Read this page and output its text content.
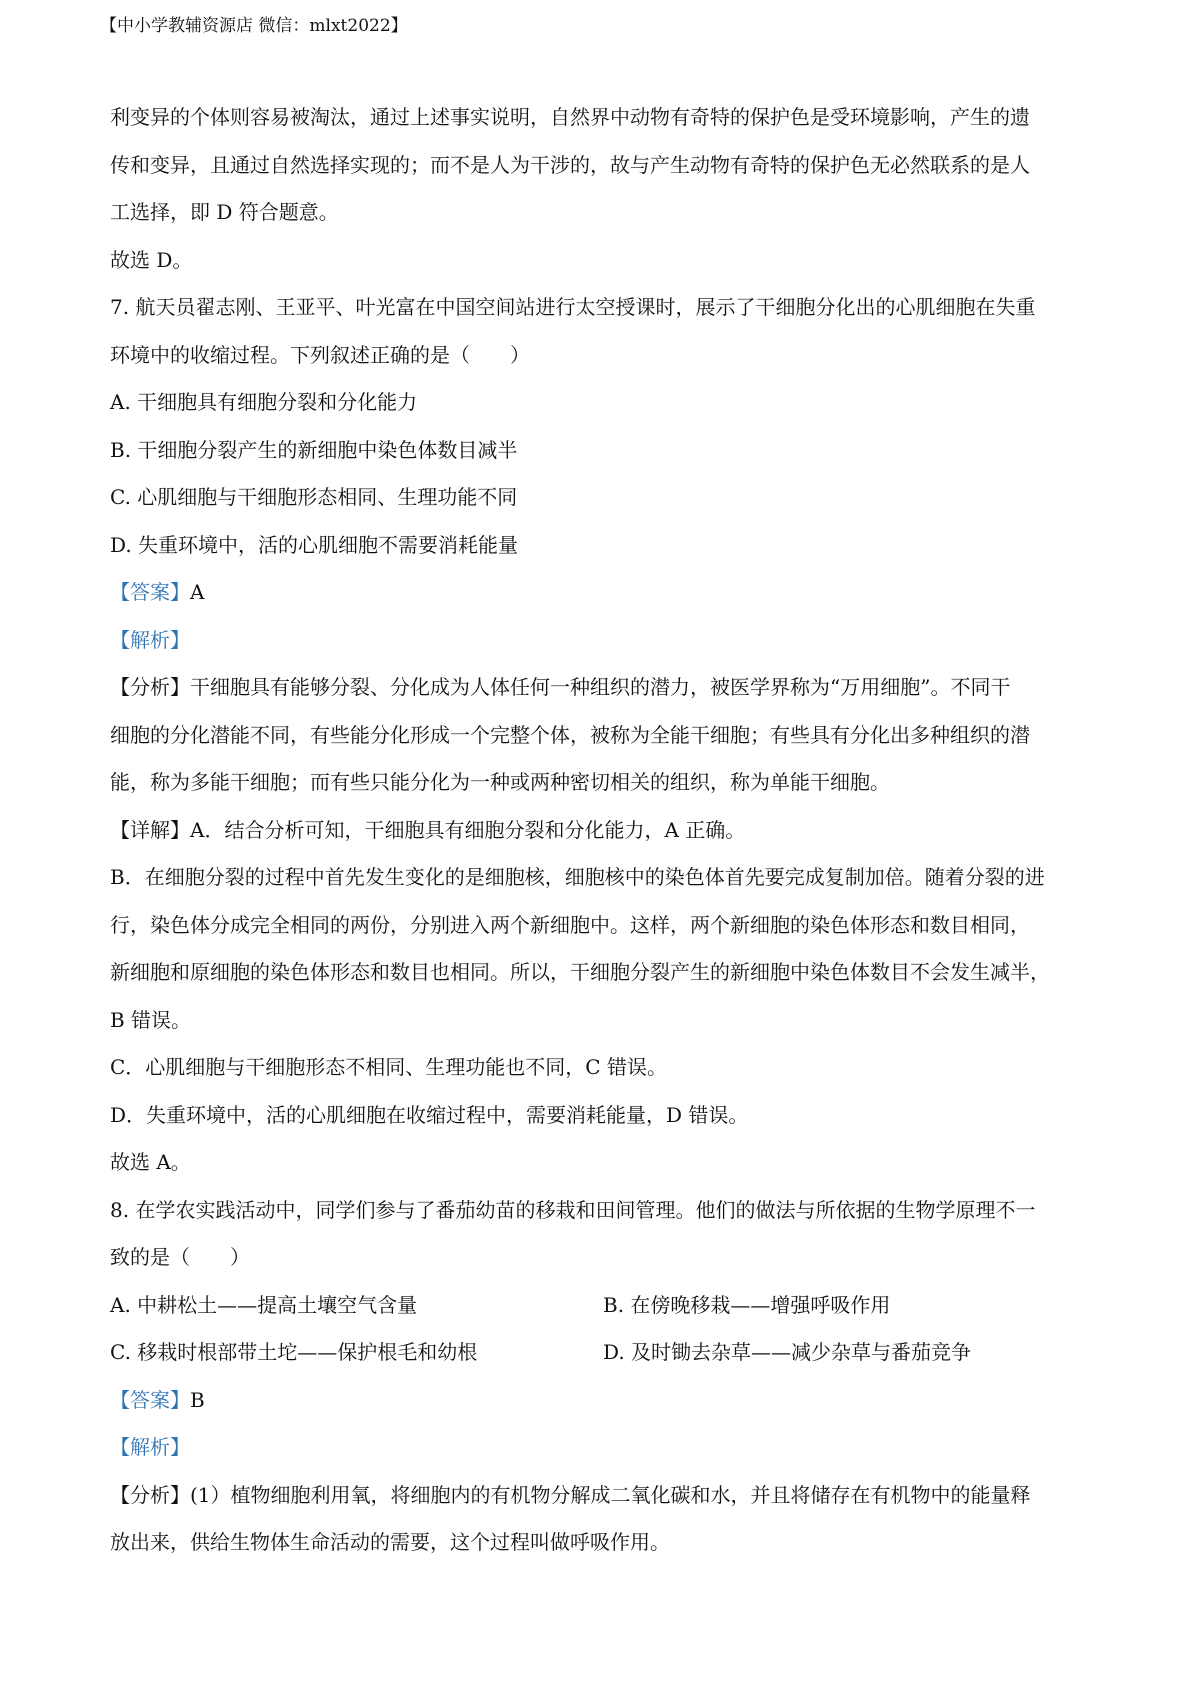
【中小学教辅资源店 微信：mlxt2022】
利变异的个体则容易被淘汰，通过上述事实说明，自然界中动物有奇特的保护色是受环境影响，产生的遗
传和变异，且通过自然选择实现的；而不是人为干涉的，故与产生动物有奇特的保护色无必然联系的是人
工选择，即 D 符合题意。
故选 D。
7. 航天员翟志刚、王亚平、叶光富在中国空间站进行太空授课时，展示了干细胞分化出的心肌细胞在失重
环境中的收缩过程。下列叙述正确的是（　　）
A. 干细胞具有细胞分裂和分化能力
B. 干细胞分裂产生的新细胞中染色体数目减半
C. 心肌细胞与干细胞形态相同、生理功能不同
D. 失重环境中，活的心肌细胞不需要消耗能量
【答案】A
【解析】
【分析】干细胞具有能够分裂、分化成为人体任何一种组织的潜力，被医学界称为“万用细胞”。不同干
细胞的分化潜能不同，有些能分化形成一个完整个体，被称为全能干细胞；有些具有分化出多种组织的潜
能，称为多能干细胞；而有些只能分化为一种或两种密切相关的组织，称为单能干细胞。
【详解】A．结合分析可知，干细胞具有细胞分裂和分化能力，A 正确。
B．在细胞分裂的过程中首先发生变化的是细胞核，细胞核中的染色体首先要完成复制加倍。随着分裂的进
行，染色体分成完全相同的两份，分别进入两个新细胞中。这样，两个新细胞的染色体形态和数目相同，
新细胞和原细胞的染色体形态和数目也相同。所以，干细胞分裂产生的新细胞中染色体数目不会发生减半，
B 错误。
C．心肌细胞与干细胞形态不相同、生理功能也不同，C 错误。
D．失重环境中，活的心肌细胞在收缩过程中，需要消耗能量，D 错误。
故选 A。
8. 在学农实践活动中，同学们参与了番茄幼苗的移栽和田间管理。他们的做法与所依据的生物学原理不一
致的是（　　）
A. 中耕松土——提高土壤空气含量	B. 在傍晚移栽——增强呼吸作用
C. 移栽时根部带土坨——保护根毛和幼根	D. 及时锄去杂草——减少杂草与番茄竞争
【答案】B
【解析】
【分析】(1）植物细胞利用氧，将细胞内的有机物分解成二氧化碳和水，并且将储存在有机物中的能量释
放出来，供给生物体生命活动的需要，这个过程叫做呼吸作用。
